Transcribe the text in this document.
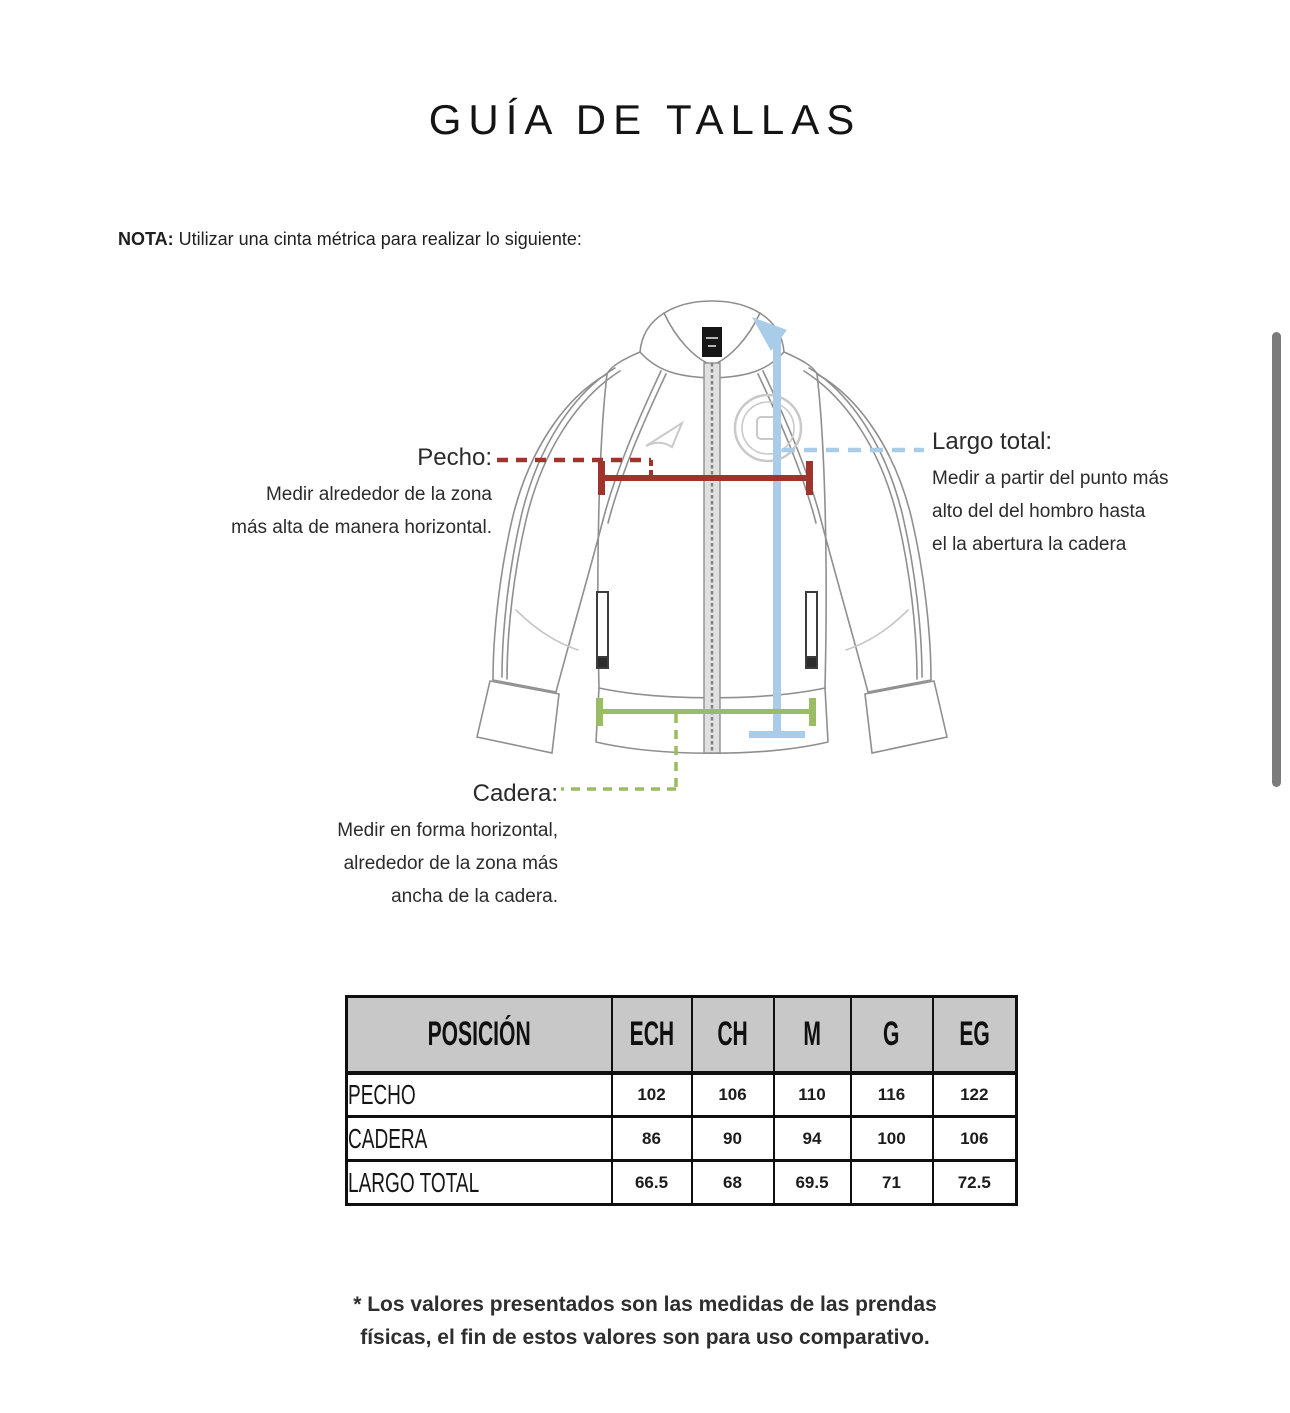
GUÍA DE TALLAS
NOTA: Utilizar una cinta métrica para realizar lo siguiente:
Pecho:
Medir alrededor de la zona
más alta de manera horizontal.
Largo total:
Medir a partir del punto más
alto del del hombro hasta
el la abertura la cadera
Cadera:
Medir en forma horizontal,
alrededor de la zona más
ancha de la cadera.
POSICIÓN	ECH	CH	M	G	EG
PECHO	102	106	110	116	122
CADERA	86	90	94	100	106
LARGO TOTAL	66.5	68	69.5	71	72.5
* Los valores presentados son las medidas de las prendas
físicas, el fin de estos valores son para uso comparativo.
